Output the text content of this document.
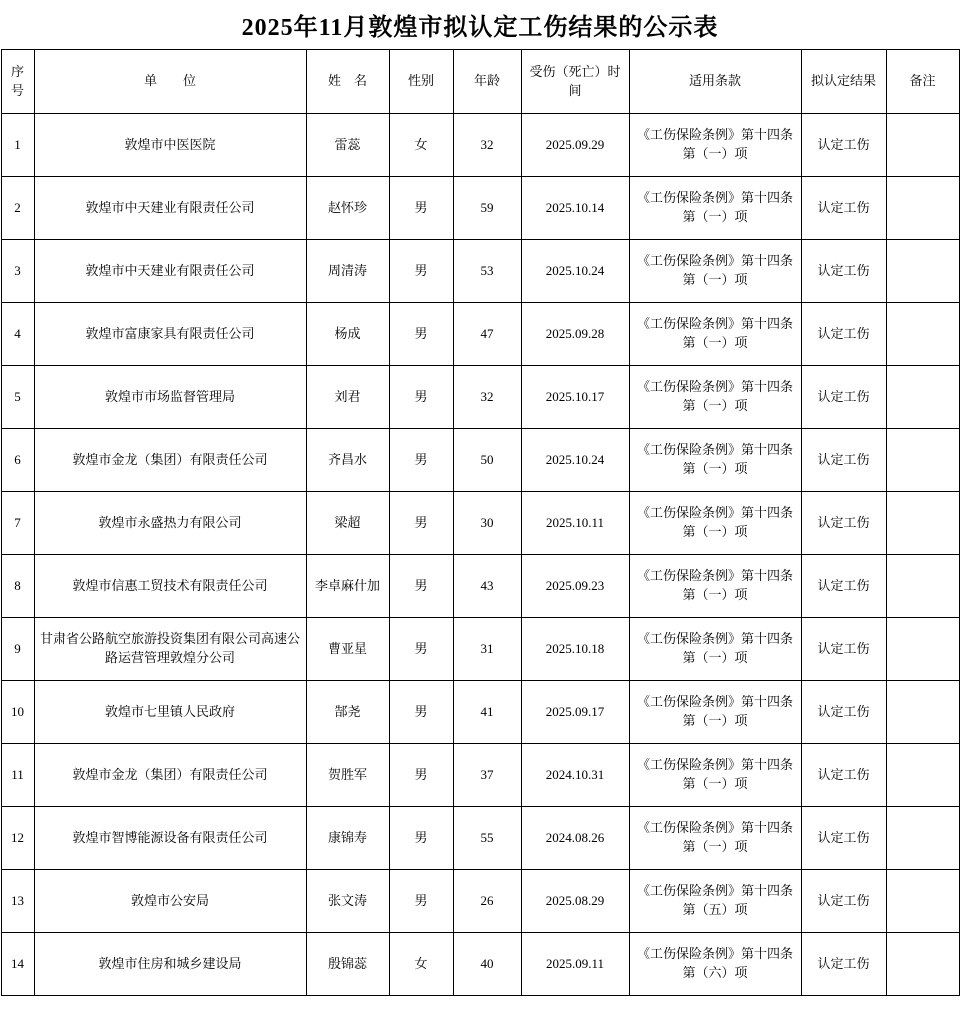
2025年11月敦煌市拟认定工伤结果的公示表
序号	单　　位	姓　名	性别	年龄	受伤（死亡）时间	适用条款	拟认定结果	备注
1	敦煌市中医医院	雷蕊	女	32	2025.09.29	《工伤保险条例》第十四条第（一）项	认定工伤	
2	敦煌市中天建业有限责任公司	赵怀珍	男	59	2025.10.14	《工伤保险条例》第十四条第（一）项	认定工伤	
3	敦煌市中天建业有限责任公司	周清涛	男	53	2025.10.24	《工伤保险条例》第十四条第（一）项	认定工伤	
4	敦煌市富康家具有限责任公司	杨成	男	47	2025.09.28	《工伤保险条例》第十四条第（一）项	认定工伤	
5	敦煌市市场监督管理局	刘君	男	32	2025.10.17	《工伤保险条例》第十四条第（一）项	认定工伤	
6	敦煌市金龙（集团）有限责任公司	齐昌水	男	50	2025.10.24	《工伤保险条例》第十四条第（一）项	认定工伤	
7	敦煌市永盛热力有限公司	梁超	男	30	2025.10.11	《工伤保险条例》第十四条第（一）项	认定工伤	
8	敦煌市信惠工贸技术有限责任公司	李卓麻什加	男	43	2025.09.23	《工伤保险条例》第十四条第（一）项	认定工伤	
9	甘肃省公路航空旅游投资集团有限公司高速公路运营管理敦煌分公司	曹亚星	男	31	2025.10.18	《工伤保险条例》第十四条第（一）项	认定工伤	
10	敦煌市七里镇人民政府	郜尧	男	41	2025.09.17	《工伤保险条例》第十四条第（一）项	认定工伤	
11	敦煌市金龙（集团）有限责任公司	贺胜军	男	37	2024.10.31	《工伤保险条例》第十四条第（一）项	认定工伤	
12	敦煌市智博能源设备有限责任公司	康锦寿	男	55	2024.08.26	《工伤保险条例》第十四条第（一）项	认定工伤	
13	敦煌市公安局	张文涛	男	26	2025.08.29	《工伤保险条例》第十四条第（五）项	认定工伤	
14	敦煌市住房和城乡建设局	殷锦蕊	女	40	2025.09.11	《工伤保险条例》第十四条第（六）项	认定工伤	
